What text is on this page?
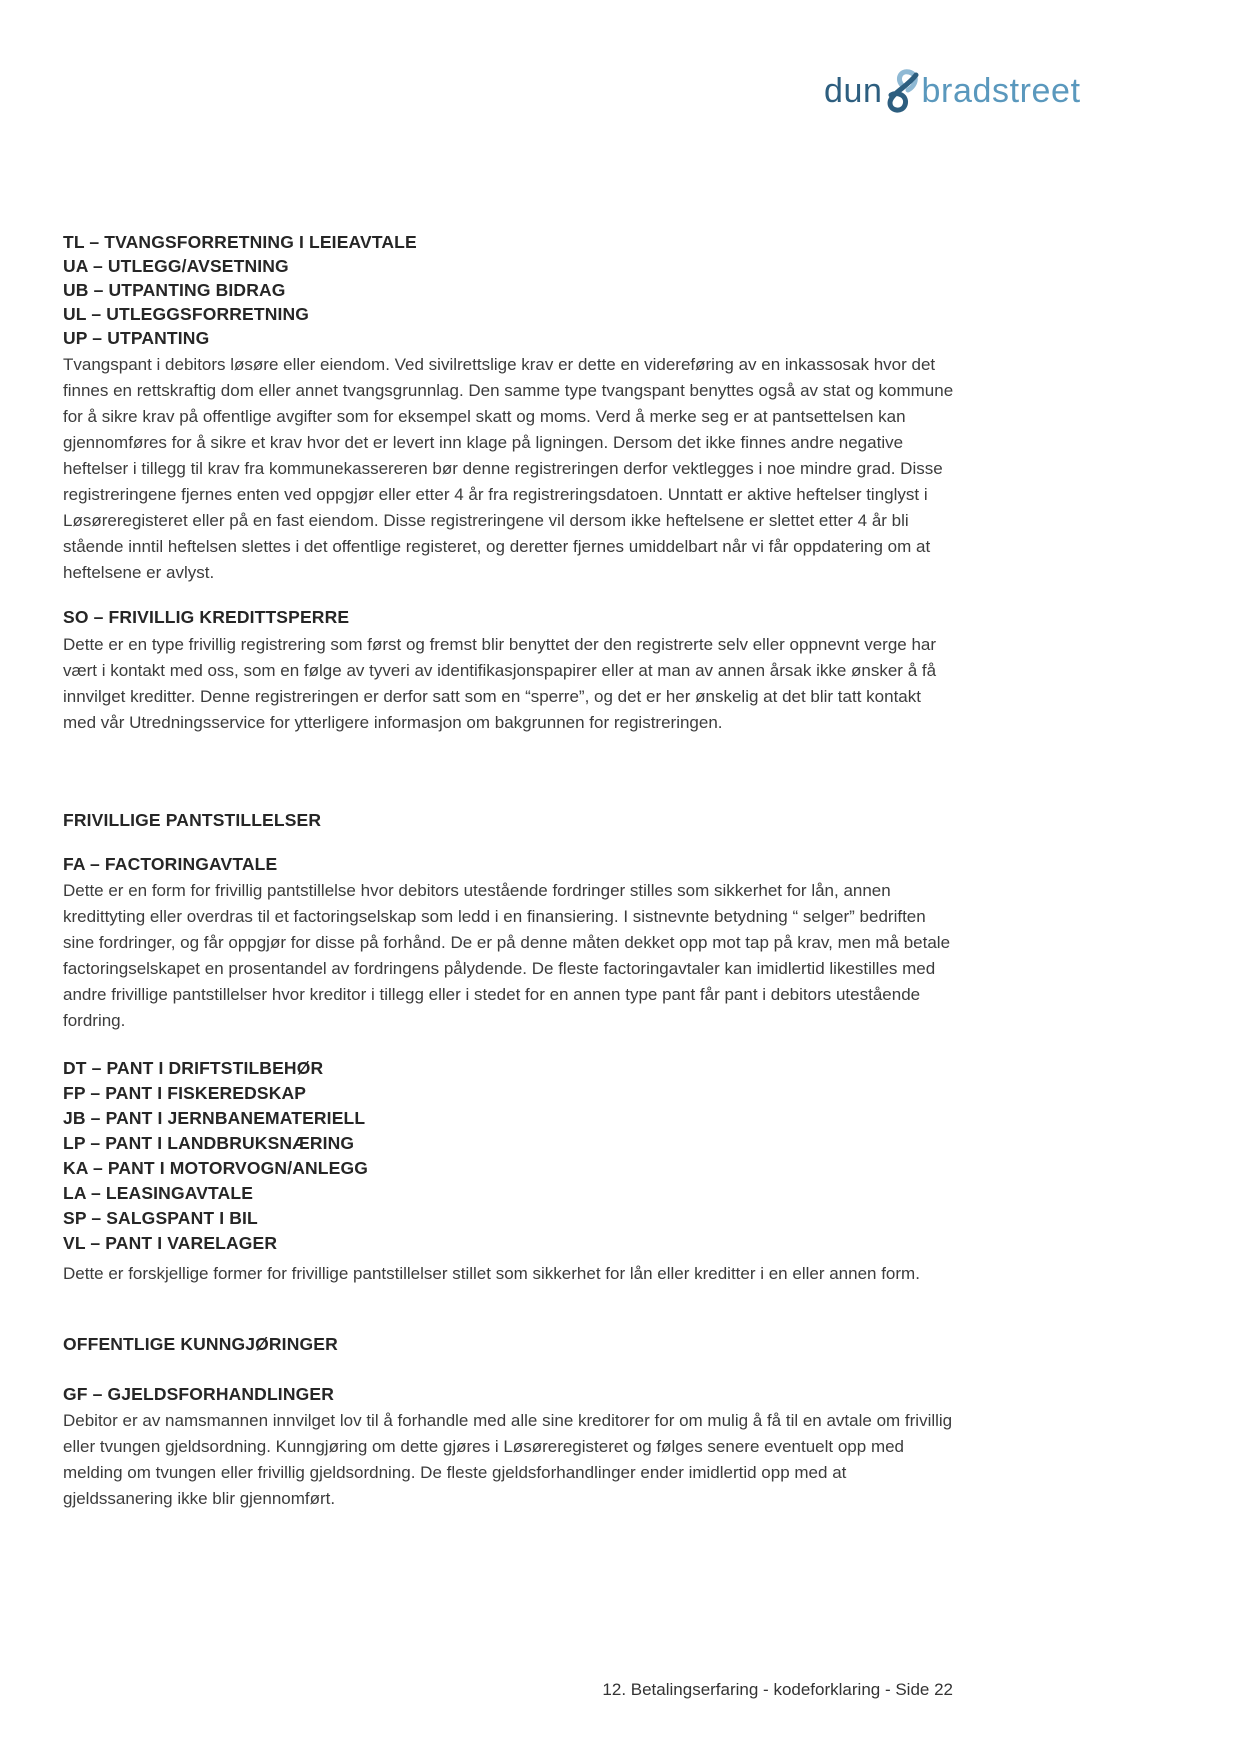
dun bradstreet
TL – TVANGSFORRETNING I LEIEAVTALE
UA – UTLEGG/AVSETNING
UB – UTPANTING BIDRAG
UL – UTLEGGSFORRETNING
UP – UTPANTING
Tvangspant i debitors løsøre eller eiendom. Ved sivilrettslige krav er dette en videreføring av en inkassosak hvor det finnes en rettskraftig dom eller annet tvangsgrunnlag. Den samme type tvangspant benyttes også av stat og kommune for å sikre krav på offentlige avgifter som for eksempel skatt og moms. Verd å merke seg er at pantsettelsen kan gjennomføres for å sikre et krav hvor det er levert inn klage på ligningen. Dersom det ikke finnes andre negative heftelser i tillegg til krav fra kommunekassereren bør denne registreringen derfor vektlegges i noe mindre grad. Disse registreringene fjernes enten ved oppgjør eller etter 4 år fra registreringsdatoen. Unntatt er aktive heftelser tinglyst i Løsøreregisteret eller på en fast eiendom. Disse registreringene vil dersom ikke heftelsene er slettet etter 4 år bli stående inntil heftelsen slettes i det offentlige registeret, og deretter fjernes umiddelbart når vi får oppdatering om at heftelsene er avlyst.
SO – FRIVILLIG KREDITTSPERRE
Dette er en type frivillig registrering som først og fremst blir benyttet der den registrerte selv eller oppnevnt verge har vært i kontakt med oss, som en følge av tyveri av identifikasjonspapirer eller at man av annen årsak ikke ønsker å få innvilget kreditter. Denne registreringen er derfor satt som en “sperre”, og det er her ønskelig at det blir tatt kontakt med vår Utredningsservice for ytterligere informasjon om bakgrunnen for registreringen.
FRIVILLIGE PANTSTILLELSER
FA – FACTORINGAVTALE
Dette er en form for frivillig pantstillelse hvor debitors utestående fordringer stilles som sikkerhet for lån, annen kredittyting eller overdras til et factoringselskap som ledd i en finansiering. I sistnevnte betydning “ selger” bedriften sine fordringer, og får oppgjør for disse på forhånd. De er på denne måten dekket opp mot tap på krav, men må betale factoringselskapet en prosentandel av fordringens pålydende. De fleste factoringavtaler kan imidlertid likestilles med andre frivillige pantstillelser hvor kreditor i tillegg eller i stedet for en annen type pant får pant i debitors utestående fordring.
DT – PANT I DRIFTSTILBEHØR
FP – PANT I FISKEREDSKAP
JB – PANT I JERNBANEMATERIELL
LP – PANT I LANDBRUKSNÆRING
KA – PANT I MOTORVOGN/ANLEGG
LA – LEASINGAVTALE
SP – SALGSPANT I BIL
VL – PANT I VARELAGER
Dette er forskjellige former for frivillige pantstillelser stillet som sikkerhet for lån eller kreditter i en eller annen form.
OFFENTLIGE KUNNGJØRINGER
GF – GJELDSFORHANDLINGER
Debitor er av namsmannen innvilget lov til å forhandle med alle sine kreditorer for om mulig å få til en avtale om frivillig eller tvungen gjeldsordning. Kunngjøring om dette gjøres i Løsøreregisteret og følges senere eventuelt opp med melding om tvungen eller frivillig gjeldsordning. De fleste gjeldsforhandlinger ender imidlertid opp med at gjeldssanering ikke blir gjennomført.
12. Betalingserfaring - kodeforklaring - Side 22
